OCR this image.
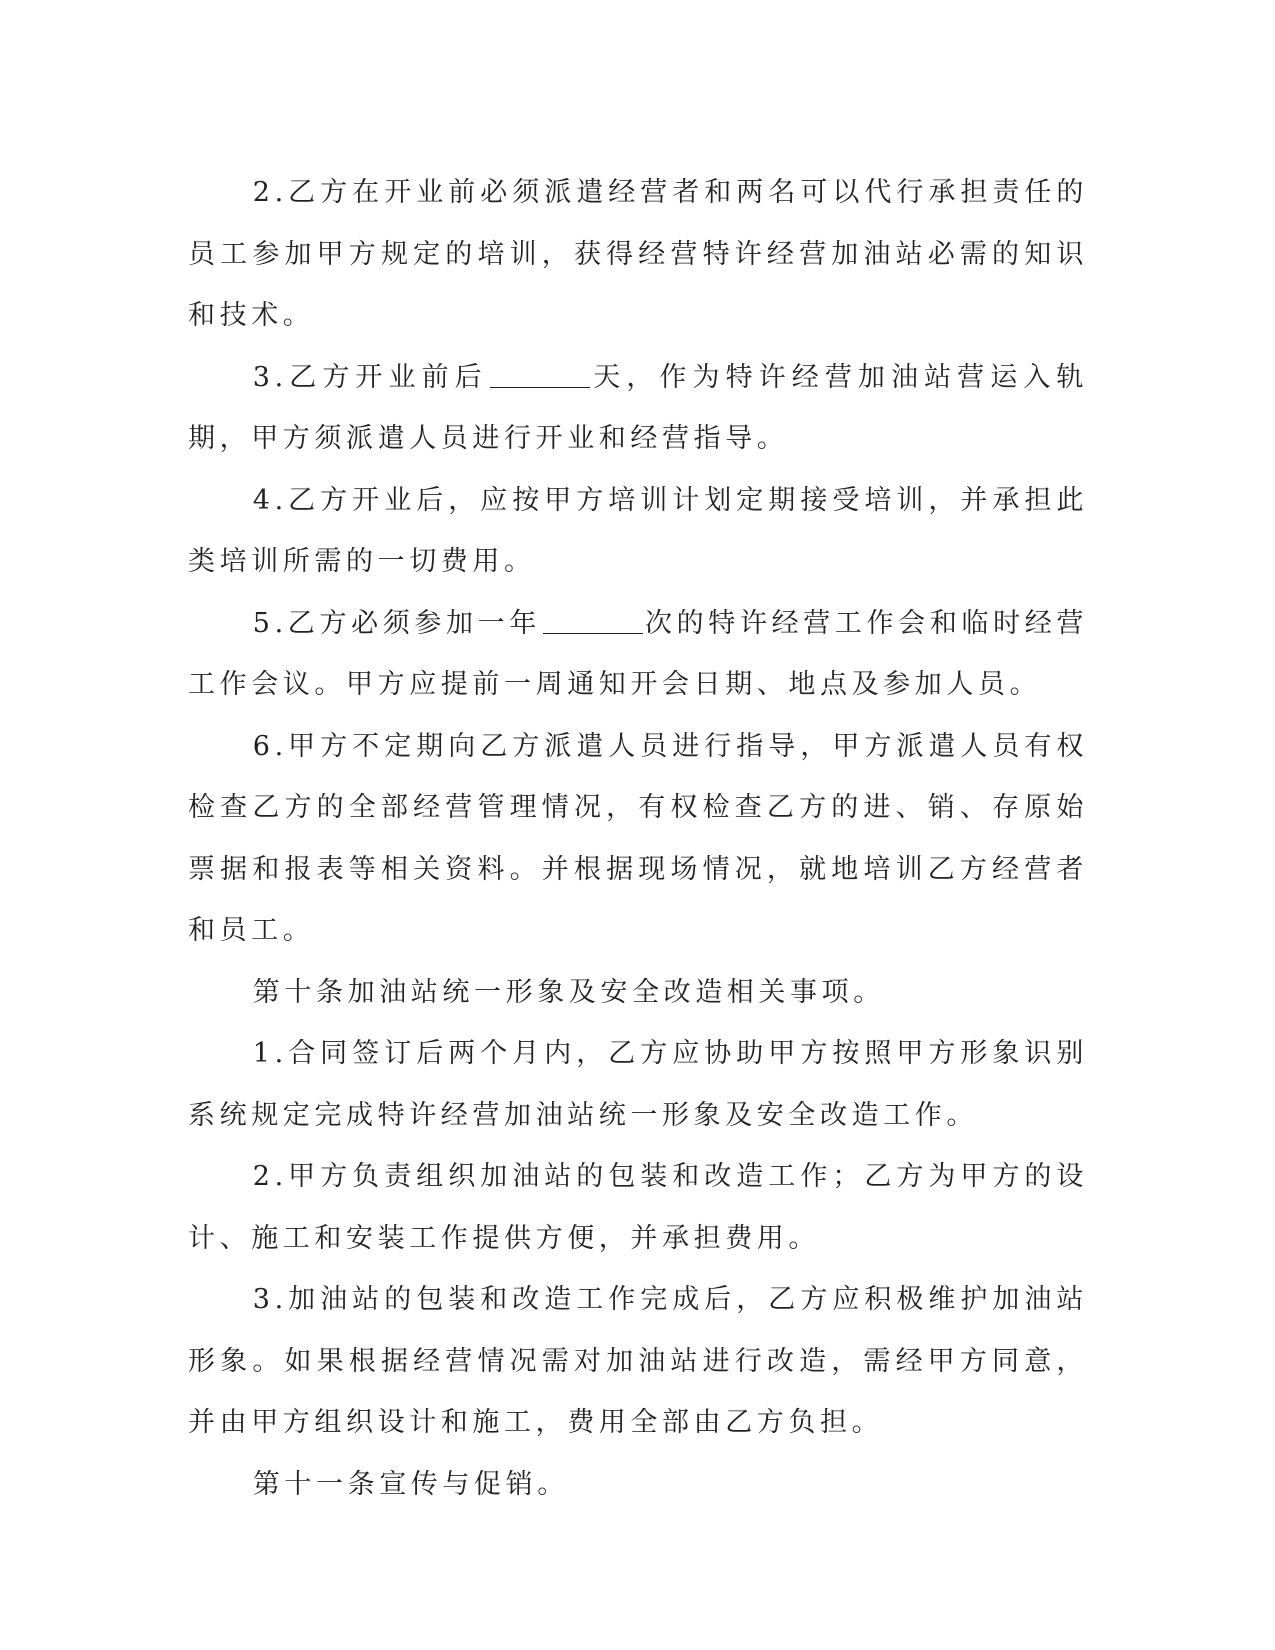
2.乙方在开业前必须派遣经营者和两名可以代行承担责任的员工参加甲方规定的培训，获得经营特许经营加油站必需的知识和技术。

3.乙方开业前后	天，作为特许经营加油站营运入轨期，甲方须派遣人员进行开业和经营指导。

4.乙方开业后，应按甲方培训计划定期接受培训，并承担此类培训所需的一切费用。

5.乙方必须参加一年	次的特许经营工作会和临时经营工作会议。甲方应提前一周通知开会日期、地点及参加人员。

6.甲方不定期向乙方派遣人员进行指导，甲方派遣人员有权检查乙方的全部经营管理情况，有权检查乙方的进、销、存原始票据和报表等相关资料。并根据现场情况，就地培训乙方经营者和员工。

第十条加油站统一形象及安全改造相关事项。

1.合同签订后两个月内，乙方应协助甲方按照甲方形象识别系统规定完成特许经营加油站统一形象及安全改造工作。

2.甲方负责组织加油站的包装和改造工作；乙方为甲方的设计、施工和安装工作提供方便，并承担费用。

3.加油站的包装和改造工作完成后，乙方应积极维护加油站形象。如果根据经营情况需对加油站进行改造，需经甲方同意，并由甲方组织设计和施工，费用全部由乙方负担。

第十一条宣传与促销。
